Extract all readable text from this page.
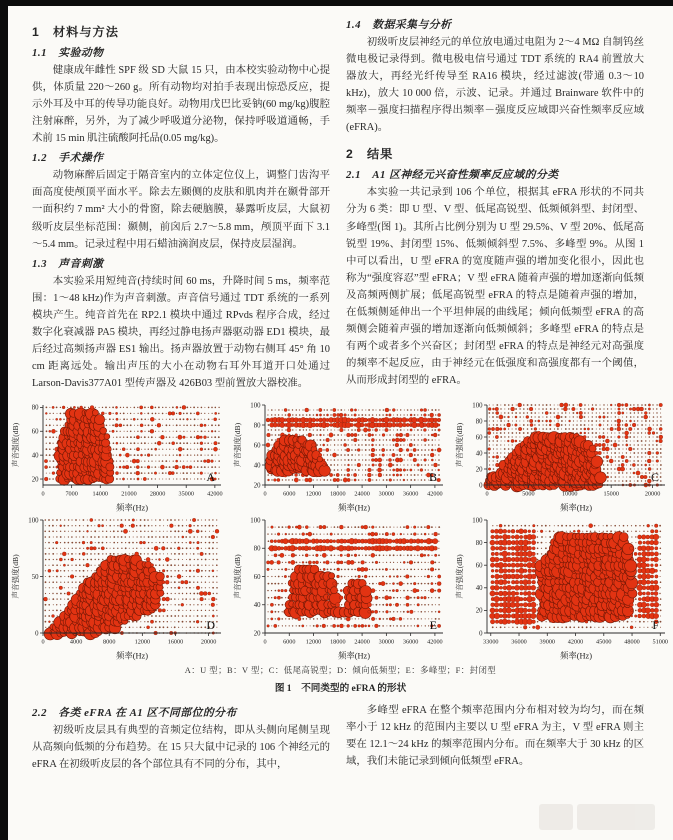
1　材料与方法
1.1　实验动物
健康成年雌性 SPF 级 SD 大鼠 15 只，由本校实验动物中心提供，体质量 220～260 g。所有动物均对拍手表现出惊恐反应，提示外耳及中耳的传导功能良好。动物用戊巴比妥钠(60 mg/kg)腹腔注射麻醉，另外，为了减少呼吸道分泌物，保持呼吸道通畅，手术前 15 min 肌注硫酸阿托品(0.05 mg/kg)。
1.2　手术操作
动物麻醉后固定于隔音室内的立体定位仪上，调整门齿沟平面高度使颅顶平面水平。除去左颞侧的皮肤和肌肉并在颞骨部开一面积约 7 mm² 大小的骨窗，除去硬脑膜，暴露听皮层，大鼠初级听皮层坐标范围：颞侧，前囟后 2.7～5.8 mm，颅顶平面下 3.1～5.4 mm。记录过程中用石蜡油滴润皮层，保持皮层湿润。
1.3　声音刺激
本实验采用短纯音(持续时间 60 ms，升降时间 5 ms，频率范围：1～48 kHz)作为声音刺激。声音信号通过 TDT 系统的一系列模块产生。纯音首先在 RP2.1 模块中通过 RPvds 程序合成，经过数字化衰减器 PA5 模块，再经过静电扬声器驱动器 ED1 模块，最后经过高频扬声器 ES1 输出。扬声器放置于动物右侧耳 45° 角 10 cm 距离远处。输出声压的大小在动物右耳外耳道开口处通过 Larson-Davis377A01 型传声器及 426B03 型前置放大器校准。
1.4　数据采集与分析
初级听皮层神经元的单位放电通过电阻为 2～4 MΩ 自制钨丝微电极记录得到。微电极电信号通过 TDT 系统的 RA4 前置放大器放大，再经光纤传导至 RA16 模块，经过滤波(带通 0.3～10 kHz)，放大 10 000 倍，示波、记录。并通过 Brainware 软件中的频率－强度扫描程序得出频率－强度反应域即兴奋性频率反应域(eFRA)。
2　结果
2.1　A1 区神经元兴奋性频率反应域的分类
本实验一共记录到 106 个单位，根据其 eFRA 形状的不同共分为 6 类：即 U 型、V 型、低尾高锐型、低频倾斜型、封闭型、多峰型(图 1)。其所占比例分别为 U 型 29.5%、V 型 20%、低尾高锐型 19%、封闭型 15%、低频倾斜型 7.5%、多峰型 9%。从图 1 中可以看出，U 型 eFRA 的宽度随声强的增加变化很小，因此也称为“强度容忍”型 eFRA；V 型 eFRA 随着声强的增加逐渐向低频及高频两侧扩展；低尾高锐型 eFRA 的特点是随着声强的增加，在低频侧延伸出一个平坦伸展的曲线尾；倾向低频型 eFRA 的高频侧会随着声强的增加逐渐向低频倾斜；多峰型 eFRA 的特点是有两个或者多个兴奋区；封闭型 eFRA 的特点是神经元对高强度的频率不起反应，由于神经元在低强度和高强度都有一个阈值，从而形成封闭型的 eFRA。
20
40
60
80
0	7000 14000 21000 28000 35000 42000
声音强度(dB)
频率(Hz)
A
20
40
60
80
100
0	6000 12000 18000 24000 30000 36000 42000
声音强度(dB)
频率(Hz)
B
0
20
40
60
80
100
0	5000	10000	15000	20000
声音强度(dB)
频率(Hz)
C
0
50
100
0	4000	8000	12000	16000	20000
声音强度(dB)
频率(Hz)
D
20
40
60
80
100
0	6000 12000 18000 24000 30000 36000 42000
声音强度(dB)
频率(Hz)
E
0
20
40
60
80
100
33000 36000 39000 42000 45000 48000 51000
声音强度(dB)
频率(Hz)
F
A：U 型；B：V 型；C：低尾高锐型；D：倾向低频型；E：多峰型；F：封闭型
图 1　不同类型的 eFRA 的形状
2.2　各类 eFRA 在 A1 区不同部位的分布
初级听皮层具有典型的音频定位结构，即从头侧向尾侧呈现从高频向低频的分布趋势。在 15 只大鼠中记录的 106 个神经元的 eFRA 在初级听皮层的各个部位具有不同的分布，其中，
多峰型 eFRA 在整个频率范围内分布相对较为均匀，而在频率小于 12 kHz 的范围内主要以 U 型 eFRA 为主，V 型 eFRA 则主要在 12.1～24 kHz 的频率范围内分布。而在频率大于 30 kHz 的区域，我们未能记录到倾向低频型 eFRA。
